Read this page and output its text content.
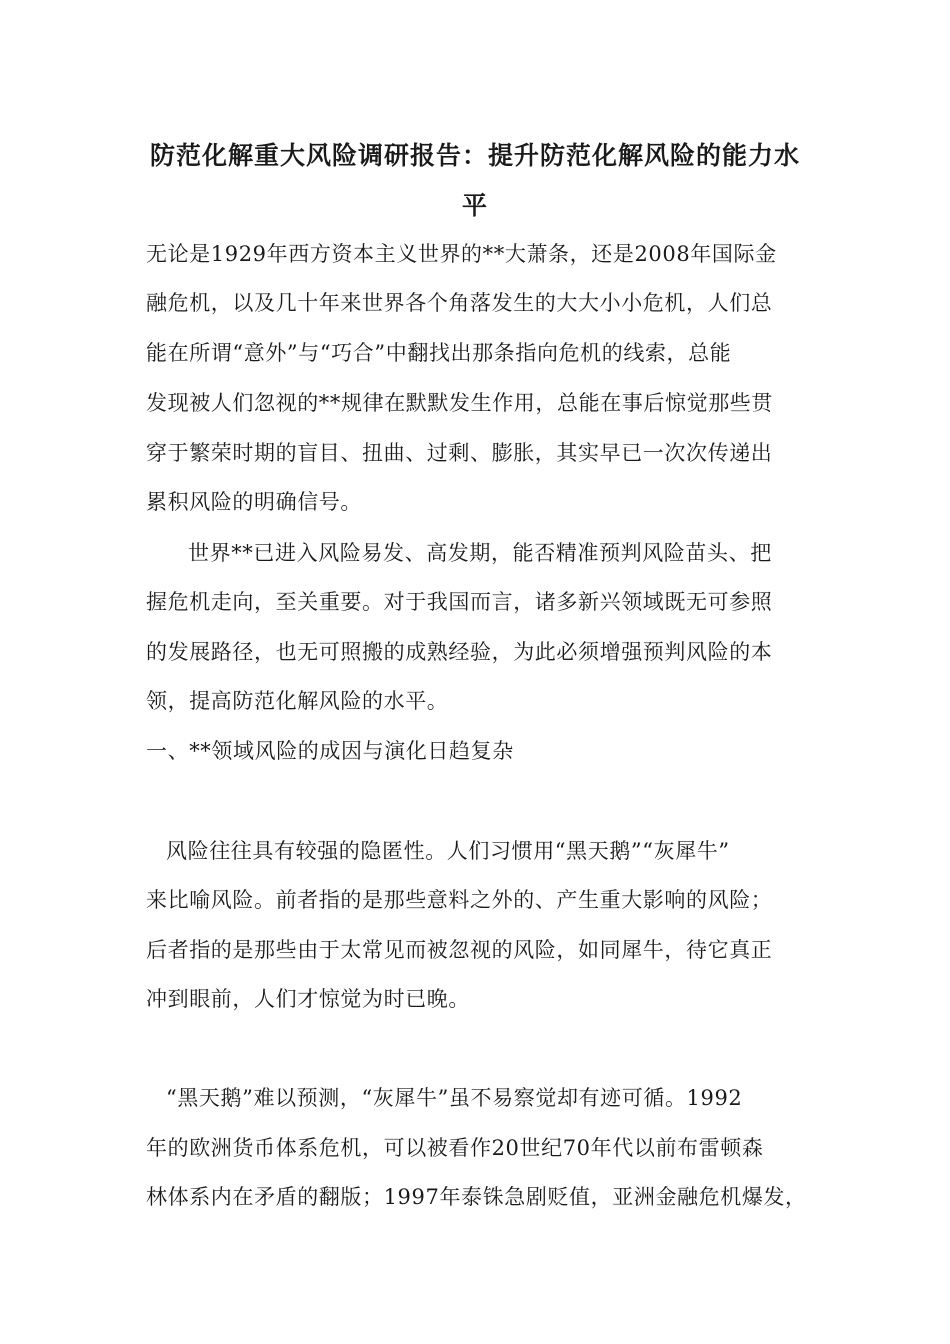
防范化解重大风险调研报告：提升防范化解风险的能力水
平
无论是1929年西方资本主义世界的**大萧条，还是2008年国际金
融危机，以及几十年来世界各个角落发生的大大小小危机，人们总
能在所谓“意外”与“巧合”中翻找出那条指向危机的线索，总能
发现被人们忽视的**规律在默默发生作用，总能在事后惊觉那些贯
穿于繁荣时期的盲目、扭曲、过剩、膨胀，其实早已一次次传递出
累积风险的明确信号。
世界**已进入风险易发、高发期，能否精准预判风险苗头、把
握危机走向，至关重要。对于我国而言，诸多新兴领域既无可参照
的发展路径，也无可照搬的成熟经验，为此必须增强预判风险的本
领，提高防范化解风险的水平。
一、**领域风险的成因与演化日趋复杂
风险往往具有较强的隐匿性。人们习惯用“黑天鹅”“灰犀牛”
来比喻风险。前者指的是那些意料之外的、产生重大影响的风险；
后者指的是那些由于太常见而被忽视的风险，如同犀牛，待它真正
冲到眼前，人们才惊觉为时已晚。
“黑天鹅”难以预测，“灰犀牛”虽不易察觉却有迹可循。1992
年的欧洲货币体系危机，可以被看作20世纪70年代以前布雷顿森
林体系内在矛盾的翻版；1997年泰铢急剧贬值，亚洲金融危机爆发，
